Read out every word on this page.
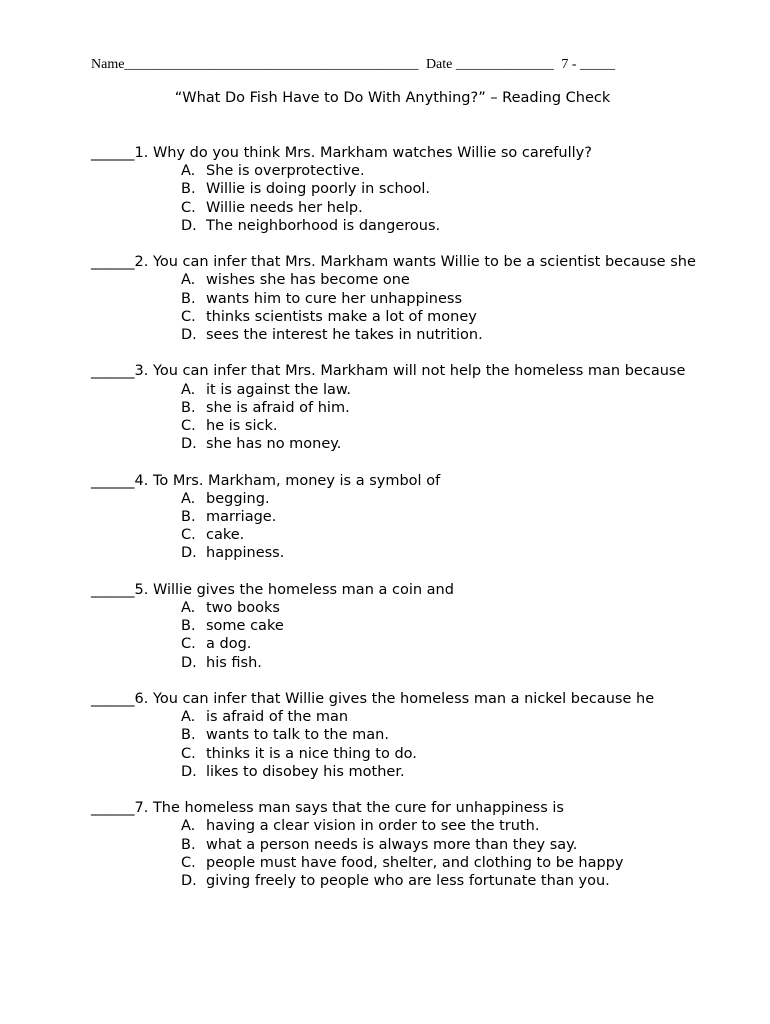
Name__________________________________________ Date ______________ 7 - _____
“What Do Fish Have to Do With Anything?” – Reading Check
______1. Why do you think Mrs. Markham watches Willie so carefully?
A. She is overprotective.
B. Willie is doing poorly in school.
C. Willie needs her help.
D. The neighborhood is dangerous.
______2. You can infer that Mrs. Markham wants Willie to be a scientist because she
A. wishes she has become one
B. wants him to cure her unhappiness
C. thinks scientists make a lot of money
D. sees the interest he takes in nutrition.
______3. You can infer that Mrs. Markham will not help the homeless man because
A. it is against the law.
B. she is afraid of him.
C. he is sick.
D. she has no money.
______4. To Mrs. Markham, money is a symbol of
A. begging.
B. marriage.
C. cake.
D. happiness.
______5. Willie gives the homeless man a coin and
A. two books
B. some cake
C. a dog.
D. his fish.
______6. You can infer that Willie gives the homeless man a nickel because he
A. is afraid of the man
B. wants to talk to the man.
C. thinks it is a nice thing to do.
D. likes to disobey his mother.
______7. The homeless man says that the cure for unhappiness is
A. having a clear vision in order to see the truth.
B. what a person needs is always more than they say.
C. people must have food, shelter, and clothing to be happy
D. giving freely to people who are less fortunate than you.
